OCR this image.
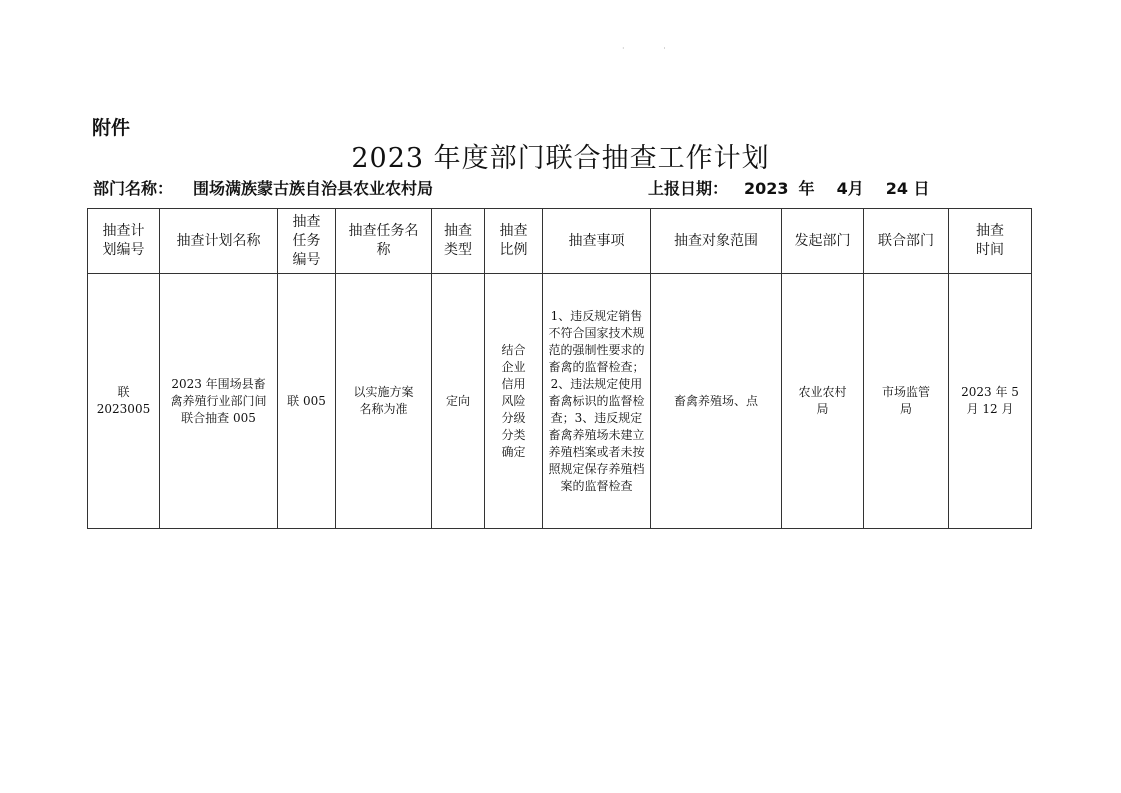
· ·
附件
2023 年度部门联合抽查工作计划
部门名称： 围场满族蒙古族自治县农业农村局	上报日期： 2023 年 4月 24 日
抽查计划编号	抽查计划名称	抽查任务编号	抽查任务名称	抽查类型	抽查比例	抽查事项	抽查对象范围	发起部门	联合部门	抽查时间
联 2023005	2023 年围场县畜禽养殖行业部门间联合抽查 005	联 005	以实施方案名称为准	定向	结合企业信用风险分级分类确定	1、违反规定销售不符合国家技术规范的强制性要求的畜禽的监督检查；2、违法规定使用畜禽标识的监督检查；3、违反规定畜禽养殖场未建立养殖档案或者未按照规定保存养殖档案的监督检查	畜禽养殖场、点	农业农村局	市场监管局	2023 年 5 月 12 月
